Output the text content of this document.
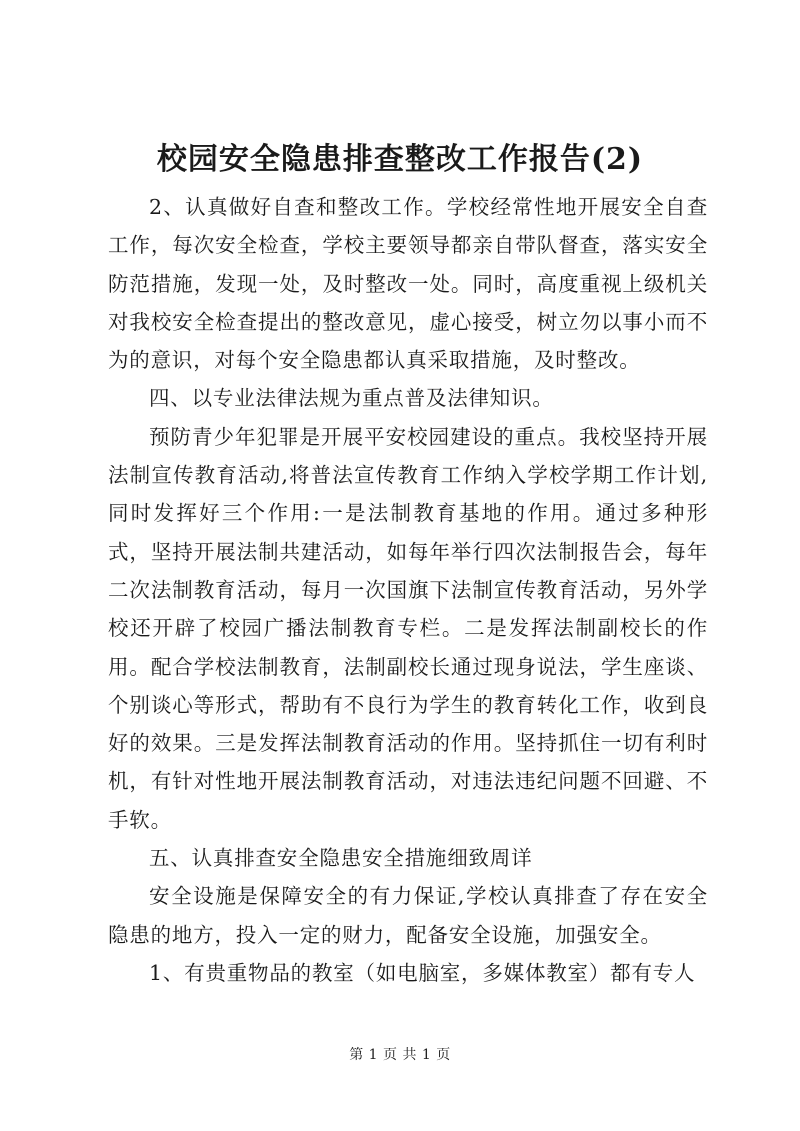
校园安全隐患排查整改工作报告(2)

2、认真做好自查和整改工作。学校经常性地开展安全自查工作，每次安全检查，学校主要领导都亲自带队督查，落实安全防范措施，发现一处，及时整改一处。同时，高度重视上级机关对我校安全检查提出的整改意见，虚心接受，树立勿以事小而不为的意识，对每个安全隐患都认真采取措施，及时整改。

四、以专业法律法规为重点普及法律知识。

预防青少年犯罪是开展平安校园建设的重点。我校坚持开展法制宣传教育活动,将普法宣传教育工作纳入学校学期工作计划,同时发挥好三个作用:一是法制教育基地的作用。通过多种形式，坚持开展法制共建活动，如每年举行四次法制报告会，每年二次法制教育活动，每月一次国旗下法制宣传教育活动，另外学校还开辟了校园广播法制教育专栏。二是发挥法制副校长的作用。配合学校法制教育，法制副校长通过现身说法，学生座谈、个别谈心等形式，帮助有不良行为学生的教育转化工作，收到良好的效果。三是发挥法制教育活动的作用。坚持抓住一切有利时机，有针对性地开展法制教育活动，对违法违纪问题不回避、不手软。

五、认真排查安全隐患安全措施细致周详

安全设施是保障安全的有力保证,学校认真排查了存在安全隐患的地方，投入一定的财力，配备安全设施，加强安全。

1、有贵重物品的教室（如电脑室，多媒体教室）都有专人

第 1 页 共 1 页
